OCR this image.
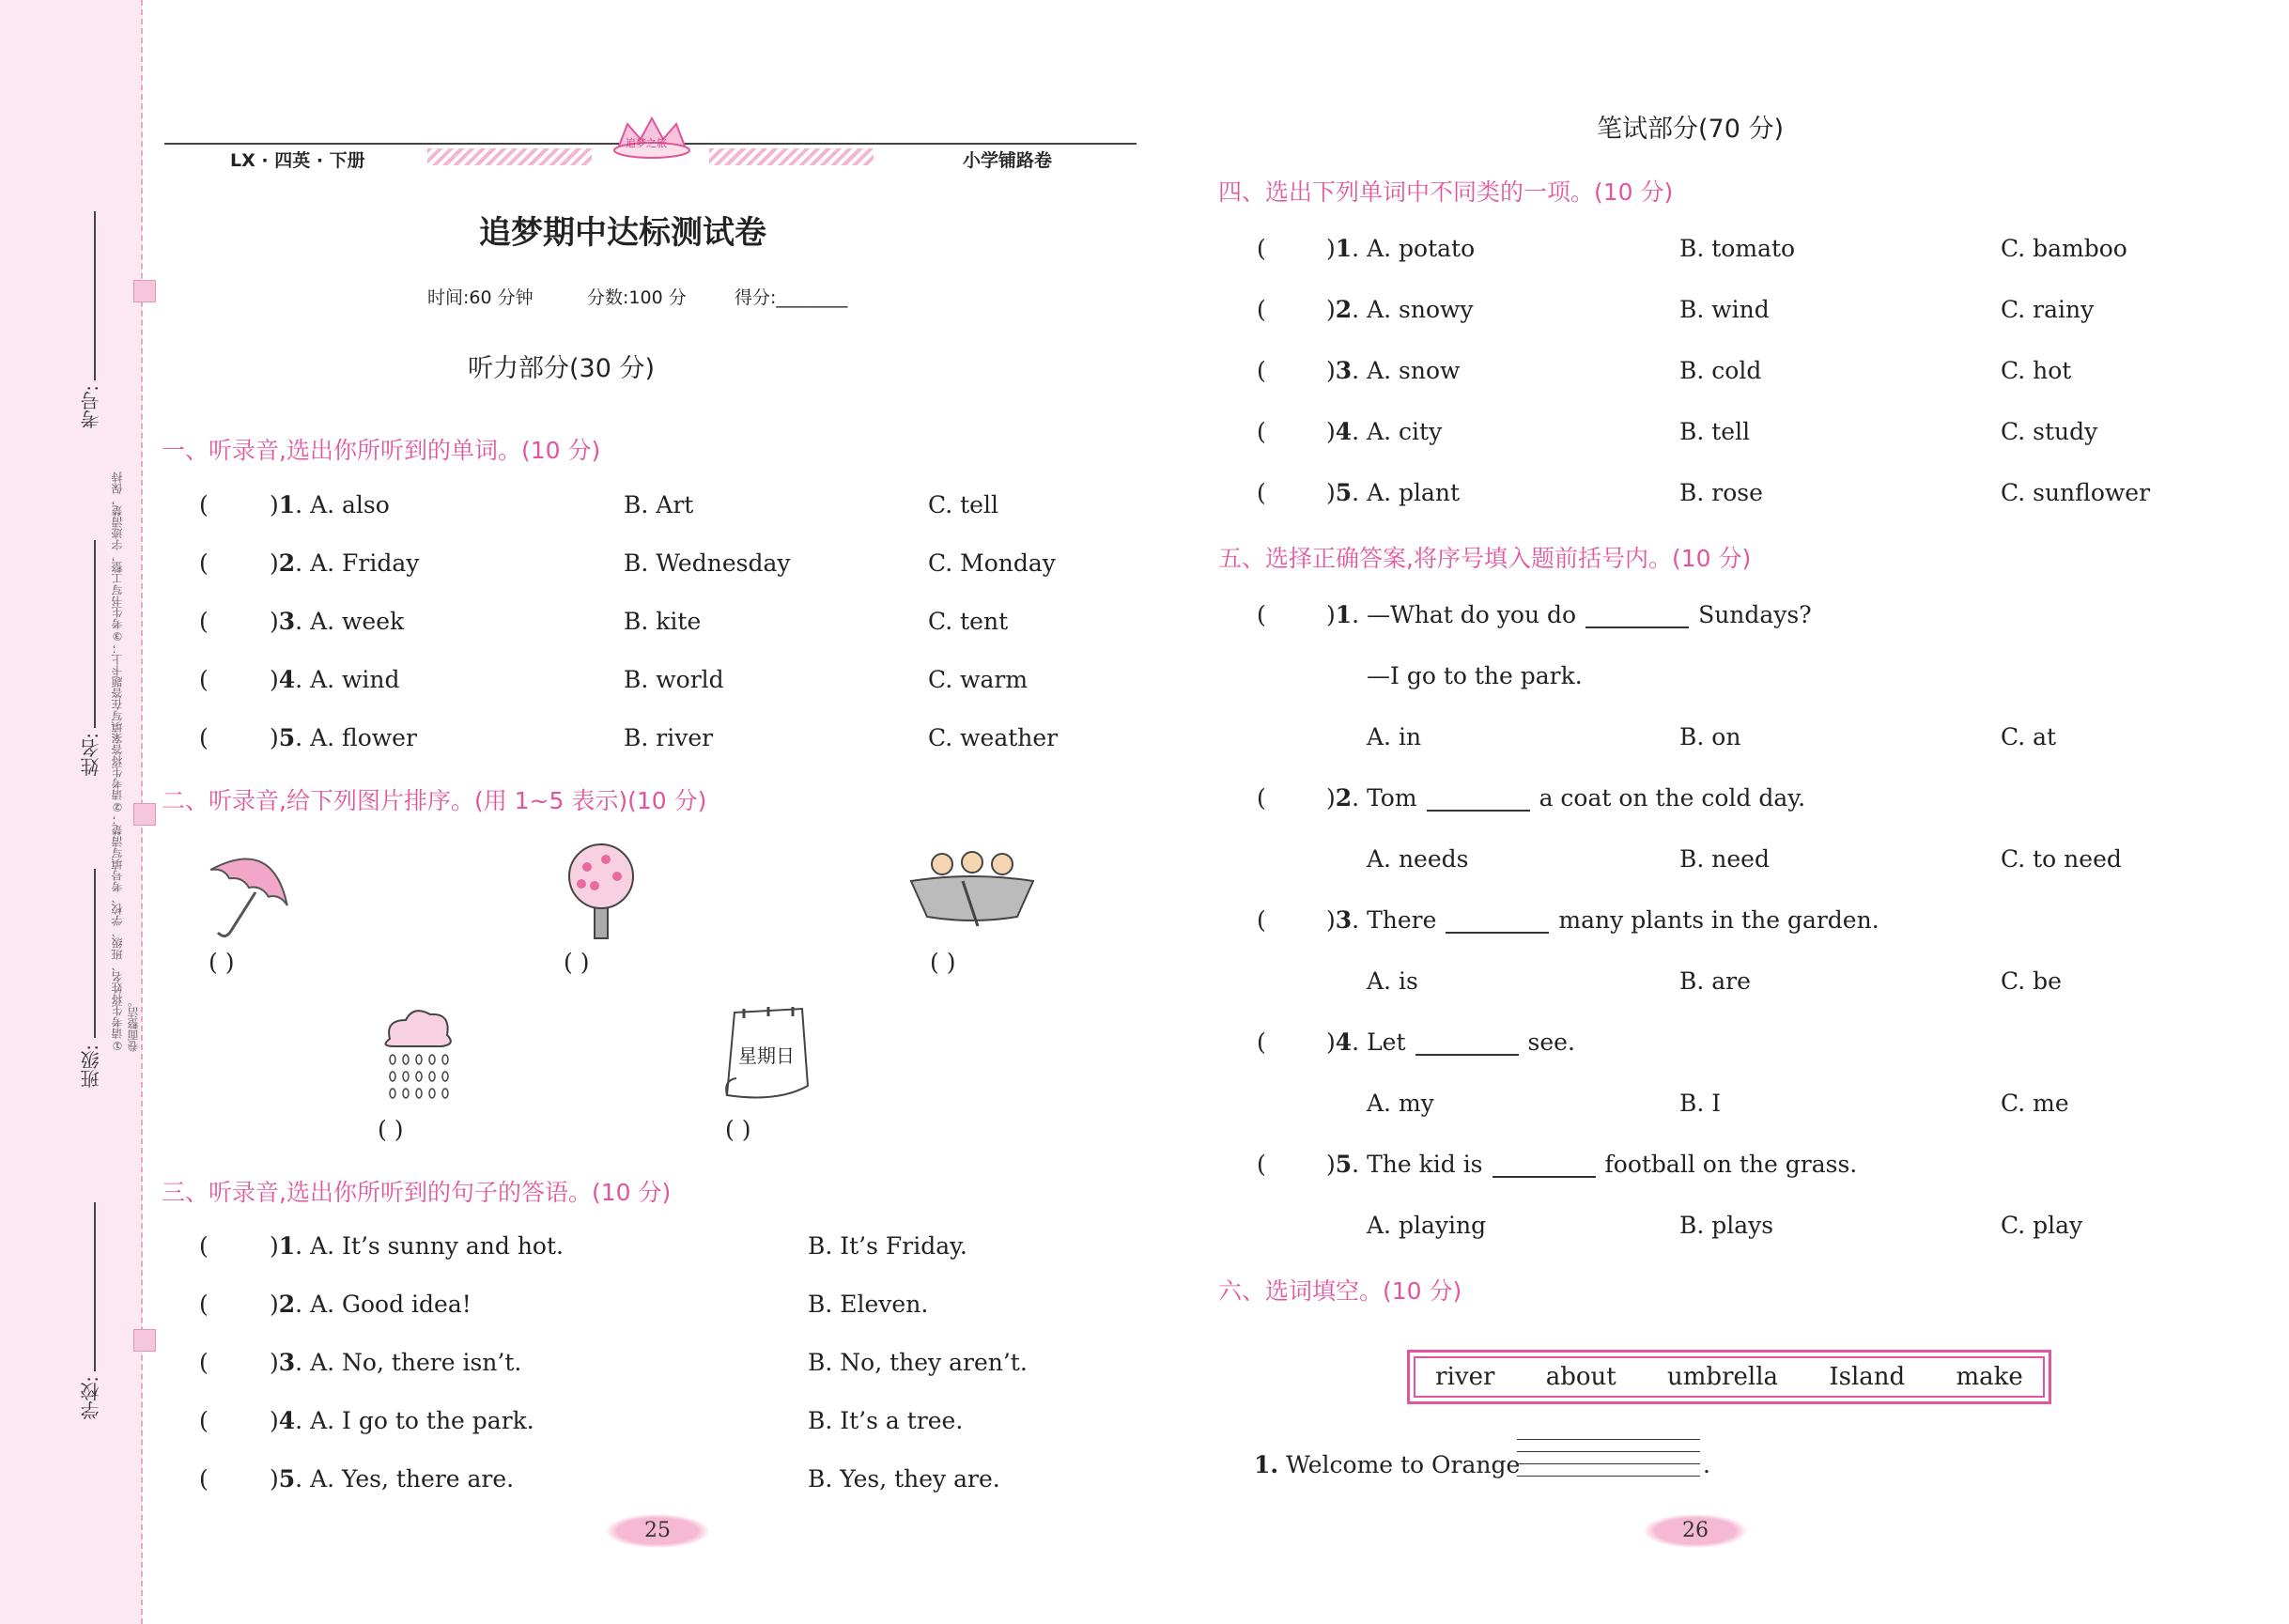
考号:
姓名:
班级:
学校:
①请考生将姓名、班级、学校、考号填写清楚；②请考生将答案填写在答题卡上；③考生书写工整，字迹清楚，保持卷面整洁。
LX · 四英 · 下册	小学铺路卷
追梦之旅
追梦期中达标测试卷
时间:60 分钟	分数:100 分	得分:________
听力部分(30 分)
一、听录音,选出你所听到的单词。(10 分)
(	)1. A. also	B. Art	C. tell
(	)2. A. Friday	B. Wednesday	C. Monday
(	)3. A. week	B. kite	C. tent
(	)4. A. wind	B. world	C. warm
(	)5. A. flower	B. river	C. weather
二、听录音,给下列图片排序。(用 1~5 表示)(10 分)
( )	( )	( )
( )
星期日
( )
三、听录音,选出你所听到的句子的答语。(10 分)
(	)1. A. It’s sunny and hot.	B. It’s Friday.
(	)2. A. Good idea!	B. Eleven.
(	)3. A. No, there isn’t.	B. No, they aren’t.
(	)4. A. I go to the park.	B. It’s a tree.
(	)5. A. Yes, there are.	B. Yes, they are.
25
笔试部分(70 分)
四、选出下列单词中不同类的一项。(10 分)
(	)1. A. potato	B. tomato	C. bamboo
(	)2. A. snowy	B. wind	C. rainy
(	)3. A. snow	B. cold	C. hot
(	)4. A. city	B. tell	C. study
(	)5. A. plant	B. rose	C. sunflower
五、选择正确答案,将序号填入题前括号内。(10 分)
(	)1. —What do you do	Sundays?
—I go to the park.
A. in	B. on	C. at
(	)2. Tom	a coat on the cold day.
A. needs	B. need	C. to need
(	)3. There	many plants in the garden.
A. is	B. are	C. be
(	)4. Let	see.
A. my	B. I	C. me
(	)5. The kid is	football on the grass.
A. playing	B. plays	C. play
六、选词填空。(10 分)
river about umbrella Island make
1. Welcome to Orange	.
26
